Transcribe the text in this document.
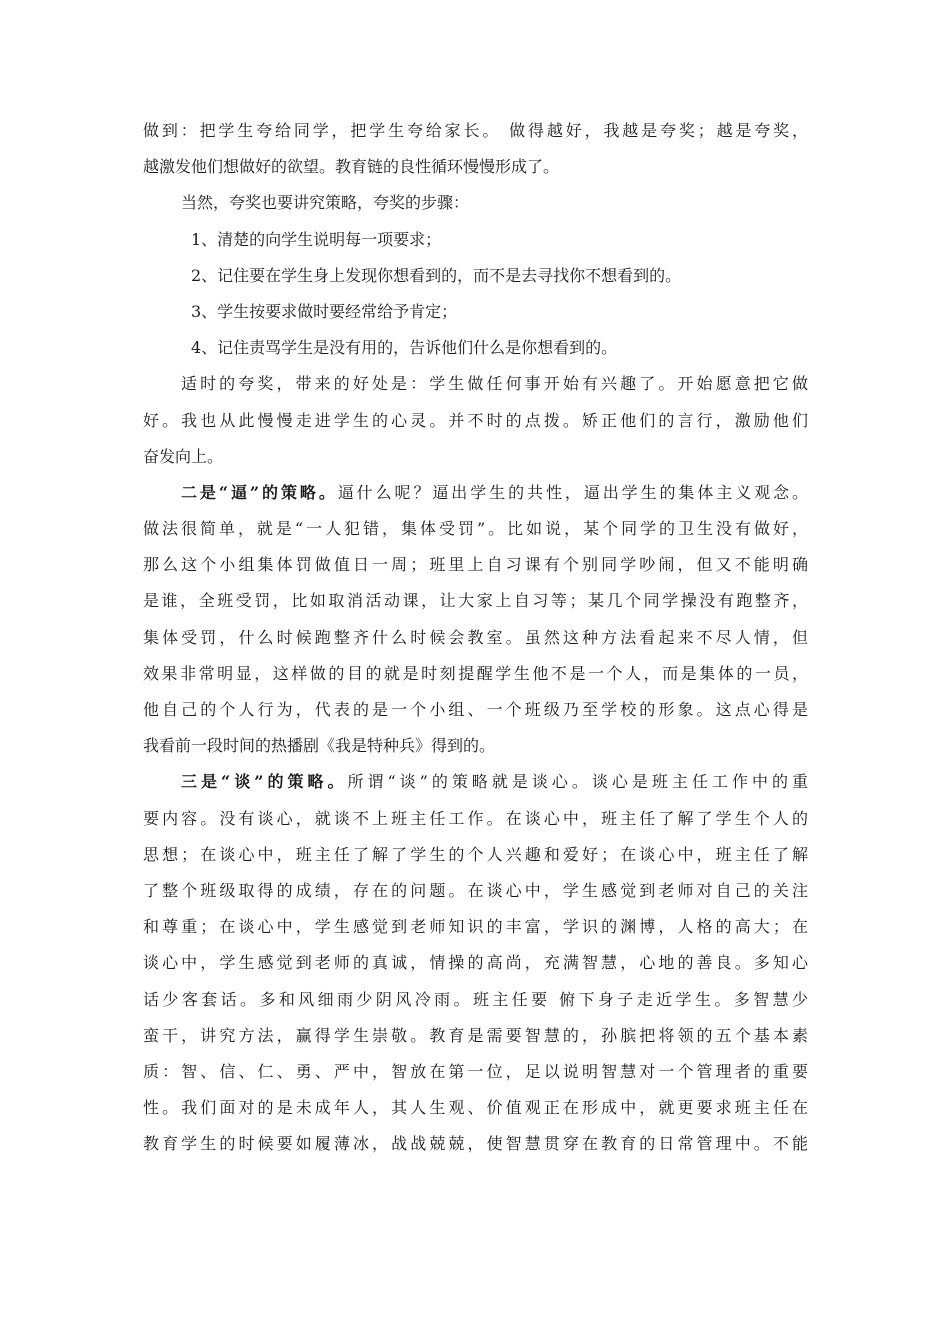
做到：把学生夸给同学，把学生夸给家长。 做得越好，我越是夸奖；越是夸奖，
越激发他们想做好的欲望。教育链的良性循环慢慢形成了。
当然，夸奖也要讲究策略，夸奖的步骤：
1、清楚的向学生说明每一项要求；
2、记住要在学生身上发现你想看到的，而不是去寻找你不想看到的。
3、学生按要求做时要经常给予肯定；
4、记住责骂学生是没有用的，告诉他们什么是你想看到的。
适时的夸奖，带来的好处是：学生做任何事开始有兴趣了。开始愿意把它做
好。我也从此慢慢走进学生的心灵。并不时的点拨。矫正他们的言行，激励他们
奋发向上。
二是“逼”的策略。逼什么呢？逼出学生的共性，逼出学生的集体主义观念。
做法很简单，就是“一人犯错，集体受罚”。比如说，某个同学的卫生没有做好，
那么这个小组集体罚做值日一周；班里上自习课有个别同学吵闹，但又不能明确
是谁，全班受罚，比如取消活动课，让大家上自习等；某几个同学操没有跑整齐，
集体受罚，什么时候跑整齐什么时候会教室。虽然这种方法看起来不尽人情，但
效果非常明显，这样做的目的就是时刻提醒学生他不是一个人，而是集体的一员，
他自己的个人行为，代表的是一个小组、一个班级乃至学校的形象。这点心得是
我看前一段时间的热播剧《我是特种兵》得到的。
三是“谈”的策略。所谓“谈”的策略就是谈心。谈心是班主任工作中的重
要内容。没有谈心，就谈不上班主任工作。在谈心中，班主任了解了学生个人的
思想；在谈心中，班主任了解了学生的个人兴趣和爱好；在谈心中，班主任了解
了整个班级取得的成绩，存在的问题。在谈心中，学生感觉到老师对自己的关注
和尊重；在谈心中，学生感觉到老师知识的丰富，学识的渊博，人格的高大；在
谈心中，学生感觉到老师的真诚，情操的高尚，充满智慧，心地的善良。多知心
话少客套话。多和风细雨少阴风冷雨。班主任要 俯下身子走近学生。多智慧少
蛮干，讲究方法，赢得学生崇敬。教育是需要智慧的，孙膑把将领的五个基本素
质：智、信、仁、勇、严中，智放在第一位，足以说明智慧对一个管理者的重要
性。我们面对的是未成年人，其人生观、价值观正在形成中，就更要求班主任在
教育学生的时候要如履薄冰，战战兢兢，使智慧贯穿在教育的日常管理中。不能
